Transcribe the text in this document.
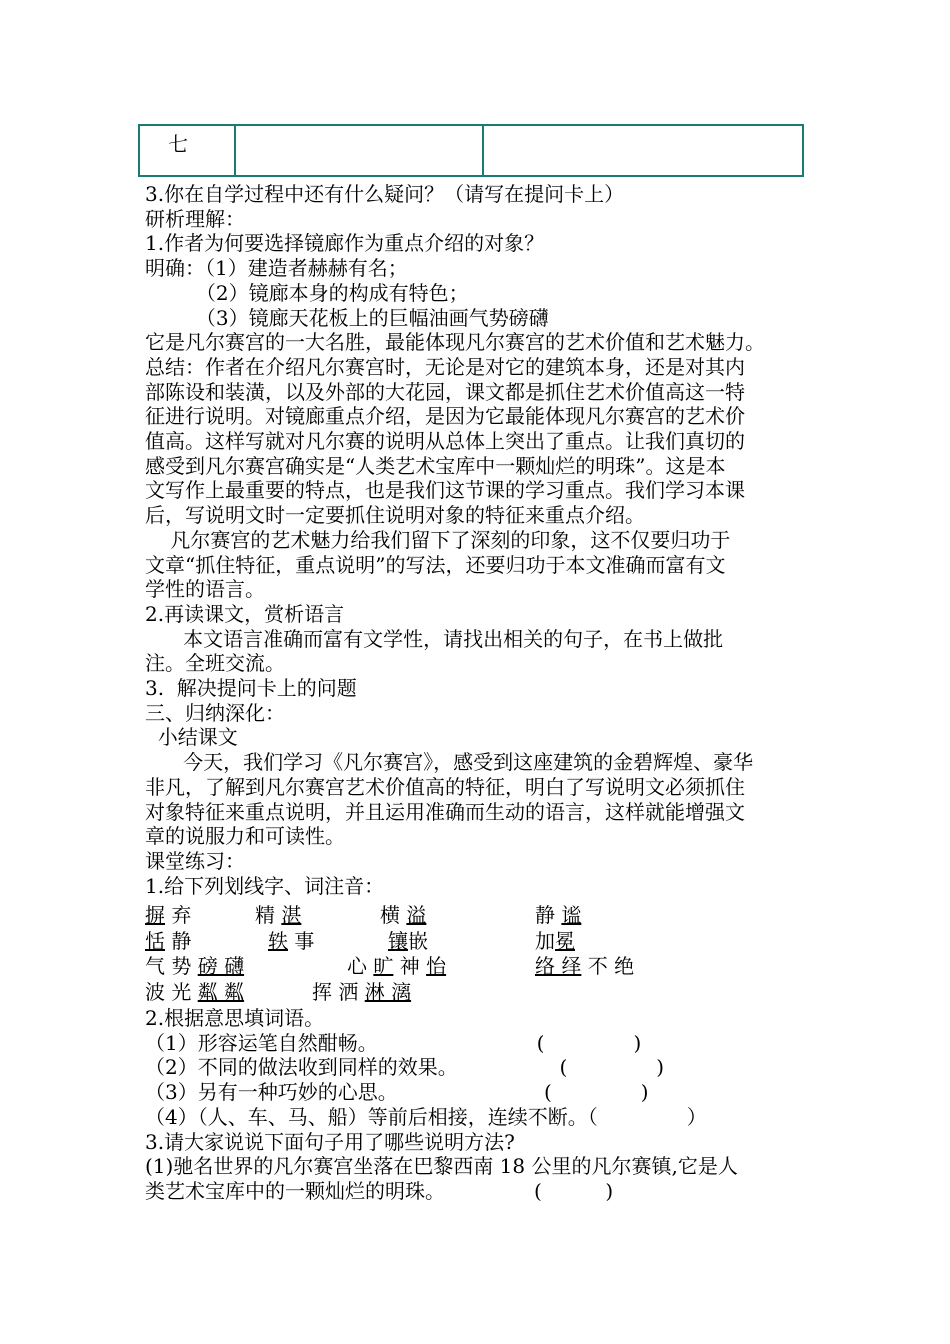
七
3.你在自学过程中还有什么疑问？（请写在提问卡上）
研析理解：
1.作者为何要选择镜廊作为重点介绍的对象？
明确：（1）建造者赫赫有名；
（2）镜廊本身的构成有特色；
（3）镜廊天花板上的巨幅油画气势磅礴
它是凡尔赛宫的一大名胜，最能体现凡尔赛宫的艺术价值和艺术魅力。
总结：作者在介绍凡尔赛宫时，无论是对它的建筑本身，还是对其内
部陈设和装潢，以及外部的大花园，课文都是抓住艺术价值高这一特
征进行说明。对镜廊重点介绍，是因为它最能体现凡尔赛宫的艺术价
值高。这样写就对凡尔赛的说明从总体上突出了重点。让我们真切的
感受到凡尔赛宫确实是“人类艺术宝库中一颗灿烂的明珠”。这是本
文写作上最重要的特点，也是我们这节课的学习重点。我们学习本课
后，写说明文时一定要抓住说明对象的特征来重点介绍。
凡尔赛宫的艺术魅力给我们留下了深刻的印象，这不仅要归功于
文章“抓住特征，重点说明”的写法，还要归功于本文准确而富有文
学性的语言。
2.再读课文，赏析语言
本文语言准确而富有文学性，请找出相关的句子，在书上做批
注。全班交流。
3.  解决提问卡上的问题
三、归纳深化：
小结课文
今天，我们学习《凡尔赛宫》，感受到这座建筑的金碧辉煌、豪华
非凡，了解到凡尔赛宫艺术价值高的特征，明白了写说明文必须抓住
对象特征来重点说明，并且运用准确而生动的语言，这样就能增强文
章的说服力和可读性。
课堂练习：
1.给下列划线字、词注音：
摒 弃	精 湛	横 溢	静 谧
恬 静	轶 事	镶嵌	加冕
气 势 磅 礴	心 旷 神 怡	络 绎 不 绝
波 光 粼 粼	挥 洒 淋 漓
2.根据意思填词语。
（1）形容运笔自然酣畅。                         (              )
（2）不同的做法收到同样的效果。                (              )
（3）另有一种巧妙的心思。                       (              )
（4）（人、车、马、船）等前后相接，连续不断。（              ）
3.请大家说说下面句子用了哪些说明方法?
(1)驰名世界的凡尔赛宫坐落在巴黎西南 18 公里的凡尔赛镇,它是人
类艺术宝库中的一颗灿烂的明珠。              (          )
